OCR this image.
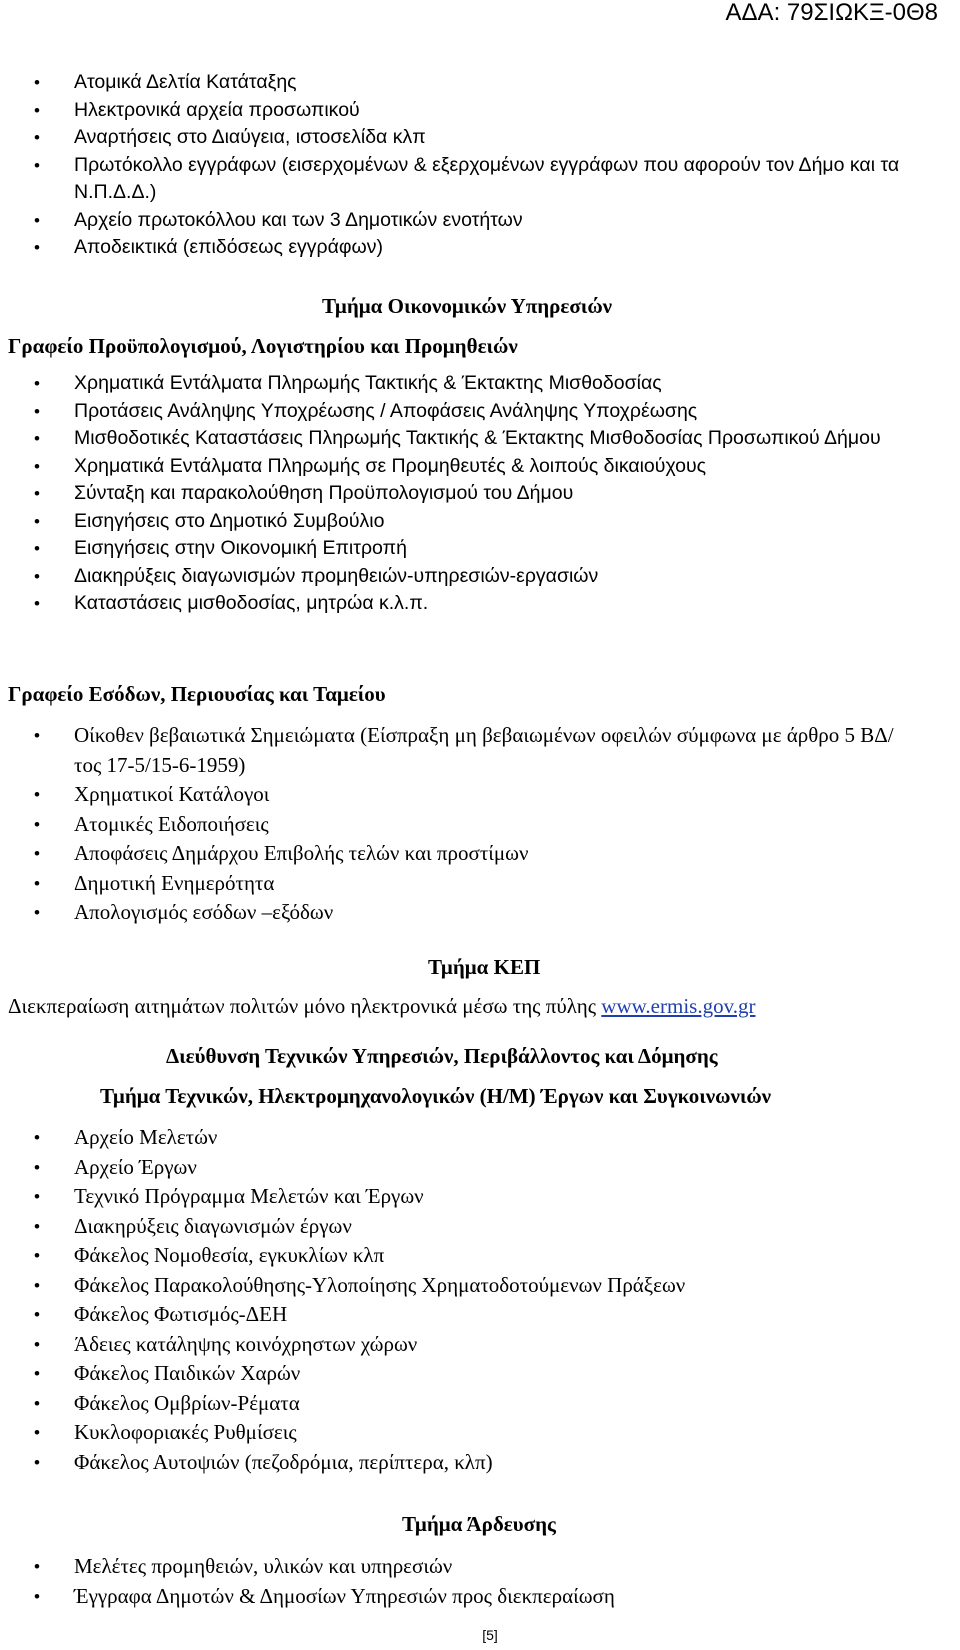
ΑΔΑ: 79ΣΙΩΚΞ-0Θ8
• Ατομικά Δελτία Κατάταξης
• Ηλεκτρονικά αρχεία προσωπικού
• Αναρτήσεις στο Διαύγεια, ιστοσελίδα κλπ
• Πρωτόκολλο εγγράφων (εισερχομένων & εξερχομένων εγγράφων που αφορούν τον Δήμο και τα Ν.Π.Δ.Δ.)
• Αρχείο πρωτοκόλλου και των 3 Δημοτικών ενοτήτων
• Αποδεικτικά (επιδόσεως εγγράφων)
Τμήμα Οικονομικών Υπηρεσιών
Γραφείο Προϋπολογισμού, Λογιστηρίου και Προμηθειών
• Χρηματικά Εντάλματα Πληρωμής Τακτικής & Έκτακτης Μισθοδοσίας
• Προτάσεις Ανάληψης Υποχρέωσης / Αποφάσεις Ανάληψης Υποχρέωσης
• Μισθοδοτικές Καταστάσεις Πληρωμής Τακτικής & Έκτακτης Μισθοδοσίας Προσωπικού Δήμου
• Χρηματικά Εντάλματα Πληρωμής σε Προμηθευτές & λοιπούς δικαιούχους
• Σύνταξη και παρακολούθηση Προϋπολογισμού του Δήμου
• Εισηγήσεις στο Δημοτικό Συμβούλιο
• Εισηγήσεις στην Οικονομική Επιτροπή
• Διακηρύξεις διαγωνισμών προμηθειών-υπηρεσιών-εργασιών
• Καταστάσεις μισθοδοσίας, μητρώα κ.λ.π.
Γραφείο Εσόδων, Περιουσίας και Ταμείου
• Οίκοθεν βεβαιωτικά Σημειώματα (Είσπραξη μη βεβαιωμένων οφειλών σύμφωνα με άρθρο 5 ΒΔ/τος 17-5/15-6-1959)
• Χρηματικοί Κατάλογοι
• Ατομικές Ειδοποιήσεις
• Αποφάσεις Δημάρχου Επιβολής τελών και προστίμων
• Δημοτική Ενημερότητα
• Απολογισμός εσόδων –εξόδων
Τμήμα ΚΕΠ
Διεκπεραίωση αιτημάτων πολιτών μόνο ηλεκτρονικά μέσω της πύλης www.ermis.gov.gr
Διεύθυνση Τεχνικών Υπηρεσιών, Περιβάλλοντος και Δόμησης
Τμήμα Τεχνικών, Ηλεκτρομηχανολογικών (Η/Μ) Έργων και Συγκοινωνιών
• Αρχείο Μελετών
• Αρχείο Έργων
• Τεχνικό Πρόγραμμα Μελετών και Έργων
• Διακηρύξεις διαγωνισμών έργων
• Φάκελος Νομοθεσία, εγκυκλίων κλπ
• Φάκελος Παρακολούθησης-Υλοποίησης Χρηματοδοτούμενων Πράξεων
• Φάκελος Φωτισμός-ΔΕΗ
• Άδειες κατάληψης κοινόχρηστων χώρων
• Φάκελος Παιδικών Χαρών
• Φάκελος Ομβρίων-Ρέματα
• Κυκλοφοριακές Ρυθμίσεις
• Φάκελος Αυτοψιών (πεζοδρόμια, περίπτερα, κλπ)
Τμήμα Άρδευσης
• Μελέτες προμηθειών, υλικών και υπηρεσιών
• Έγγραφα Δημοτών & Δημοσίων Υπηρεσιών προς διεκπεραίωση
[5]
